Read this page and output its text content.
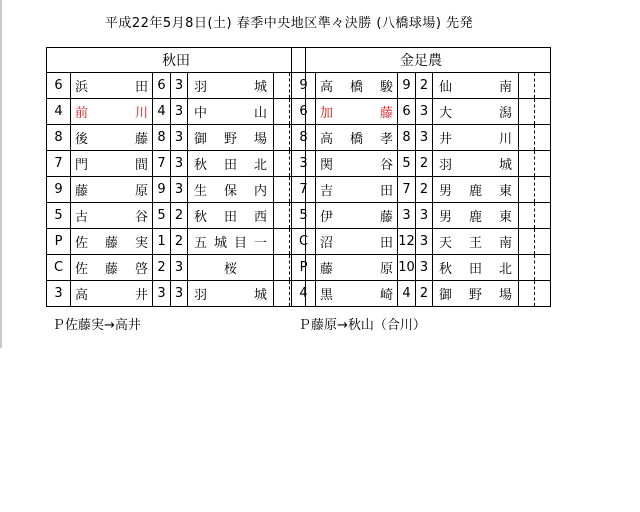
平成22年5月8日(土) 春季中央地区準々決勝 (八橋球場) 先発
秋田						
6	浜 田	6	3	羽 城		

4	前 川	4	3	中 山		

8	後 藤	8	3	御 野 場		

7	門 間	7	3	秋 田 北		

9	藤 原	9	3	生 保 内		

5	古 谷	5	2	秋 田 西		

P	佐 藤 実	1	2	五 城 目 一		

C	佐 藤 啓	2	3	桜		

3	高 井	3	3	羽 城		

金足農						
9	高 橋 駿	9	2	仙 南		

6	加 藤	6	3	大 潟		

8	高 橋 孝	8	3	井 川		

3	関 谷	5	2	羽 城		

7	吉 田	7	2	男 鹿 東		

5	伊 藤	3	3	男 鹿 東		

C	沼 田	12	3	天 王 南		

P	藤 原	10	3	秋 田 北		

4	黒 崎	4	2	御 野 場		

Ｐ佐藤実→高井	Ｐ藤原→秋山（合川）
